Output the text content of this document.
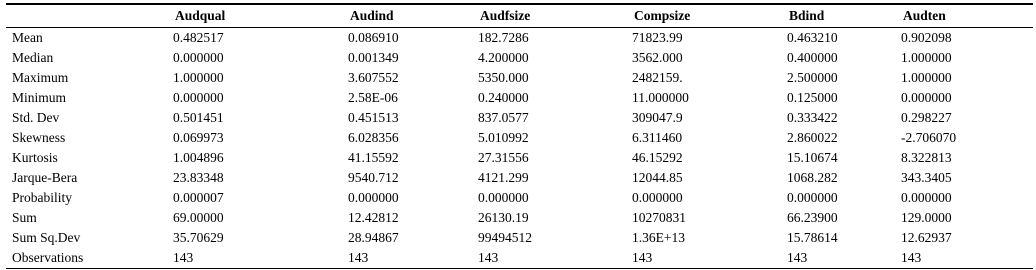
	Audqual	Audind	Audfsize	Compsize	Bdind	Audten
Mean	0.482517	0.086910	182.7286	71823.99	0.463210	0.902098
Median	0.000000	0.001349	4.200000	3562.000	0.400000	1.000000
Maximum	1.000000	3.607552	5350.000	2482159.	2.500000	1.000000
Minimum	0.000000	2.58E-06	0.240000	11.000000	0.125000	0.000000
Std. Dev	0.501451	0.451513	837.0577	309047.9	0.333422	0.298227
Skewness	0.069973	6.028356	5.010992	6.311460	2.860022	-2.706070
Kurtosis	1.004896	41.15592	27.31556	46.15292	15.10674	8.322813
Jarque-Bera	23.83348	9540.712	4121.299	12044.85	1068.282	343.3405
Probability	0.000007	0.000000	0.000000	0.000000	0.000000	0.000000
Sum	69.00000	12.42812	26130.19	10270831	66.23900	129.0000
Sum Sq.Dev	35.70629	28.94867	99494512	1.36E+13	15.78614	12.62937
Observations	143	143	143	143	143	143
